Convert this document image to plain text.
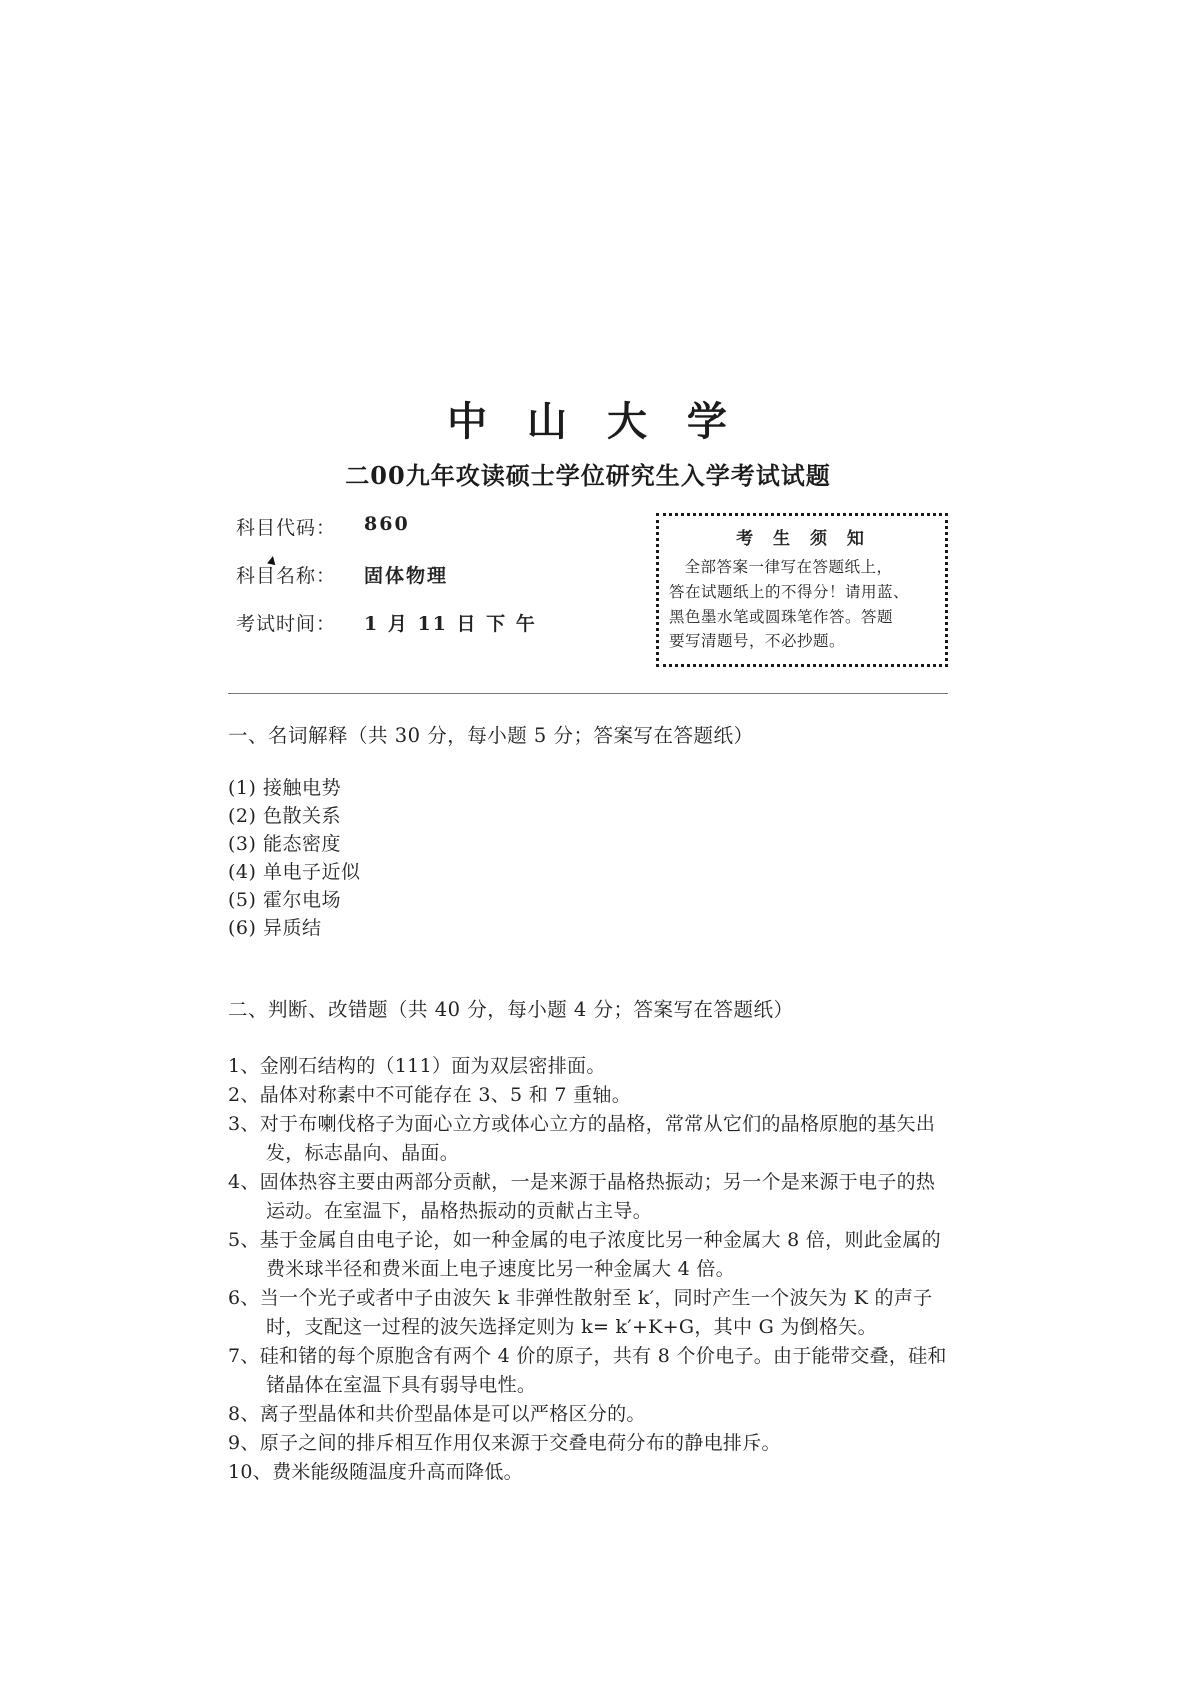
中 山 大 学
二00九年攻读硕士学位研究生入学考试试题
科目代码：	860
▲
科目名称：	固体物理
考试时间：	1 月 11 日 下 午
考 生 须 知
全部答案一律写在答题纸上，
答在试题纸上的不得分！请用蓝、
黑色墨水笔或圆珠笔作答。答题
要写清题号，不必抄题。
一、名词解释（共 30 分，每小题 5 分；答案写在答题纸）
(1) 接触电势
(2) 色散关系
(3) 能态密度
(4) 单电子近似
(5) 霍尔电场
(6) 异质结
二、判断、改错题（共 40 分，每小题 4 分；答案写在答题纸）
1、金刚石结构的（111）面为双层密排面。
2、晶体对称素中不可能存在 3、5 和 7 重轴。
3、对于布喇伐格子为面心立方或体心立方的晶格，常常从它们的晶格原胞的基矢出发，标志晶向、晶面。
4、固体热容主要由两部分贡献，一是来源于晶格热振动；另一个是来源于电子的热运动。在室温下，晶格热振动的贡献占主导。
5、基于金属自由电子论，如一种金属的电子浓度比另一种金属大 8 倍，则此金属的费米球半径和费米面上电子速度比另一种金属大 4 倍。
6、当一个光子或者中子由波矢 k 非弹性散射至 k′，同时产生一个波矢为 K 的声子时，支配这一过程的波矢选择定则为 k= k′+K+G，其中 G 为倒格矢。
7、硅和锗的每个原胞含有两个 4 价的原子，共有 8 个价电子。由于能带交叠，硅和锗晶体在室温下具有弱导电性。
8、离子型晶体和共价型晶体是可以严格区分的。
9、原子之间的排斥相互作用仅来源于交叠电荷分布的静电排斥。
10、费米能级随温度升高而降低。
